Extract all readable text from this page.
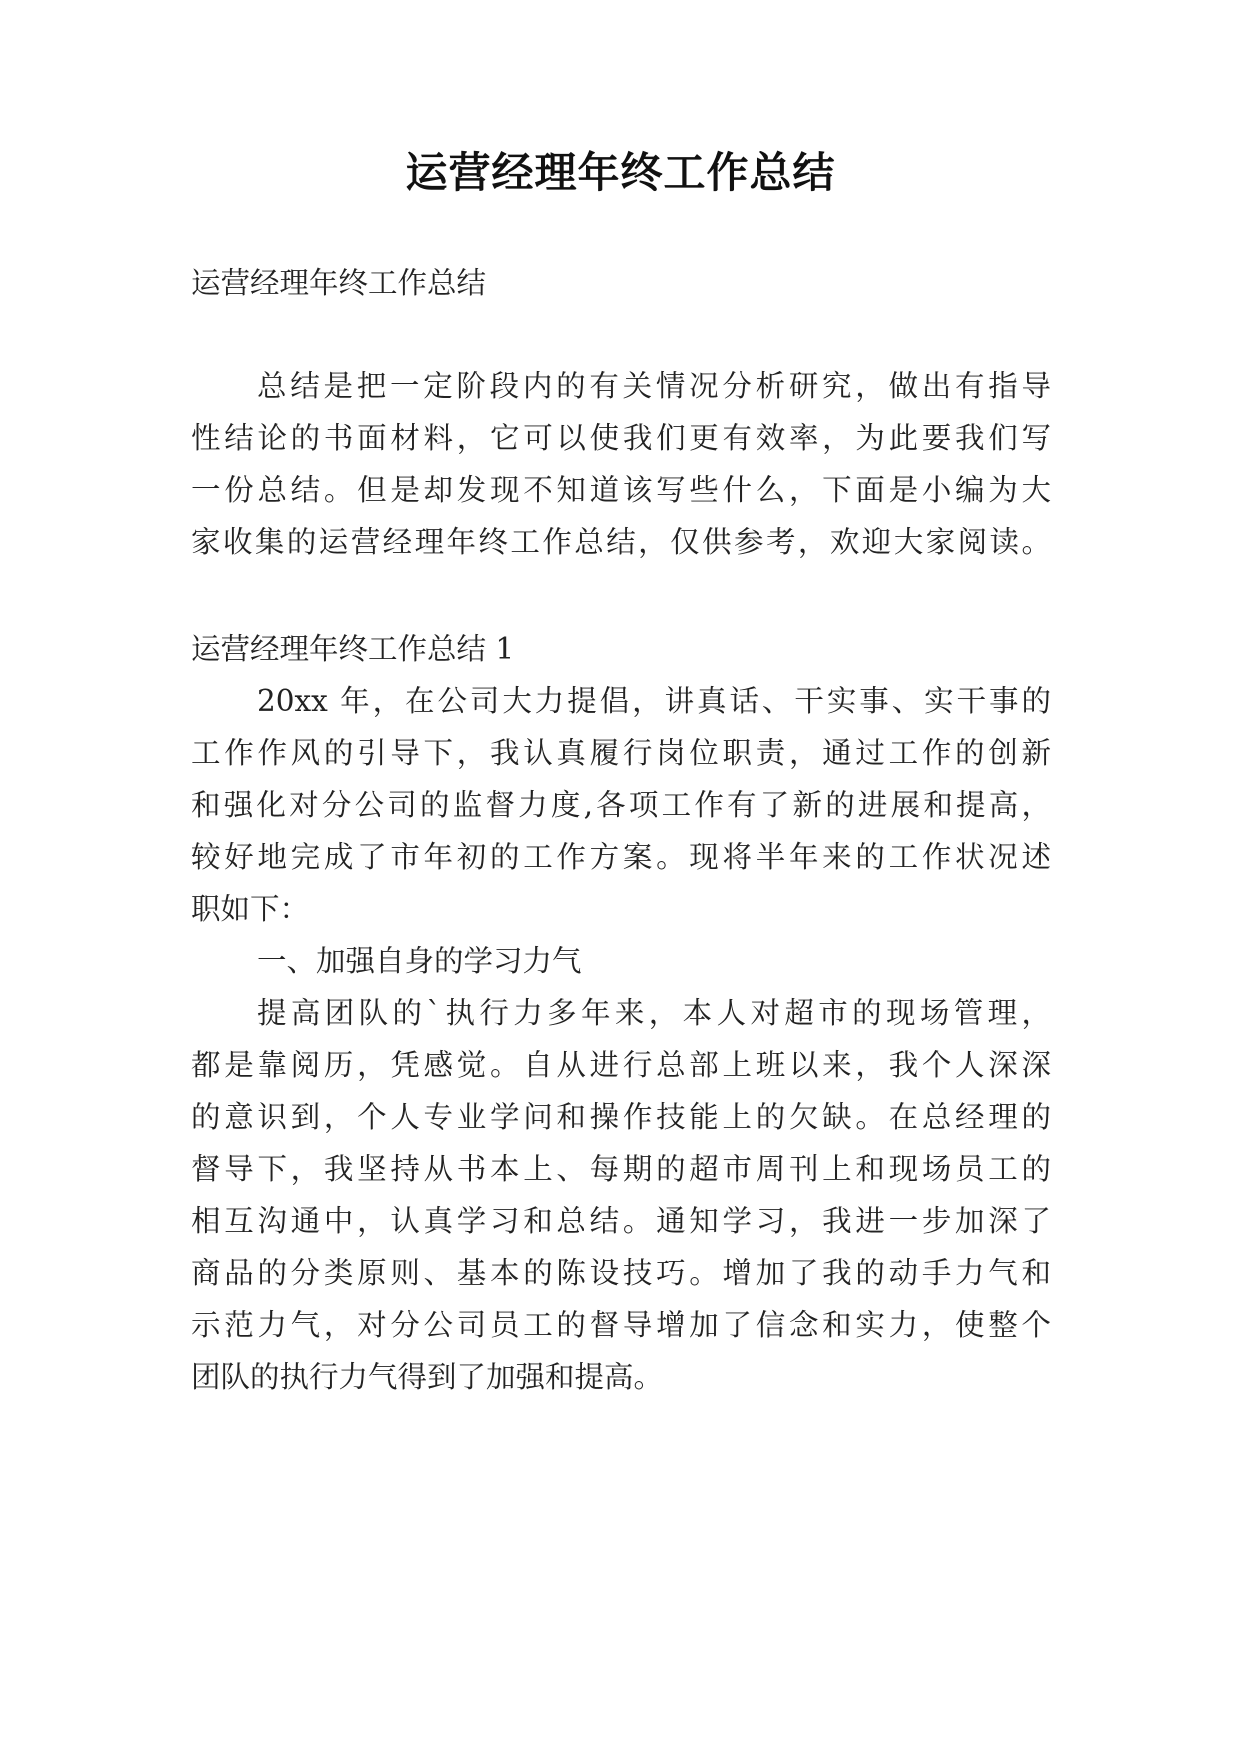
运营经理年终工作总结
运营经理年终工作总结
总结是把一定阶段内的有关情况分析研究，做出有指导
性结论的书面材料，它可以使我们更有效率，为此要我们写
一份总结。但是却发现不知道该写些什么，下面是小编为大
家收集的运营经理年终工作总结，仅供参考，欢迎大家阅读。
运营经理年终工作总结 1
20xx 年，在公司大力提倡，讲真话、干实事、实干事的
工作作风的引导下，我认真履行岗位职责，通过工作的创新
和强化对分公司的监督力度,各项工作有了新的进展和提高，
较好地完成了市年初的工作方案。现将半年来的工作状况述
职如下：
一、加强自身的学习力气
提高团队的`执行力多年来，本人对超市的现场管理，
都是靠阅历，凭感觉。自从进行总部上班以来，我个人深深
的意识到，个人专业学问和操作技能上的欠缺。在总经理的
督导下，我坚持从书本上、每期的超市周刊上和现场员工的
相互沟通中，认真学习和总结。通知学习，我进一步加深了
商品的分类原则、基本的陈设技巧。增加了我的动手力气和
示范力气，对分公司员工的督导增加了信念和实力，使整个
团队的执行力气得到了加强和提高。
